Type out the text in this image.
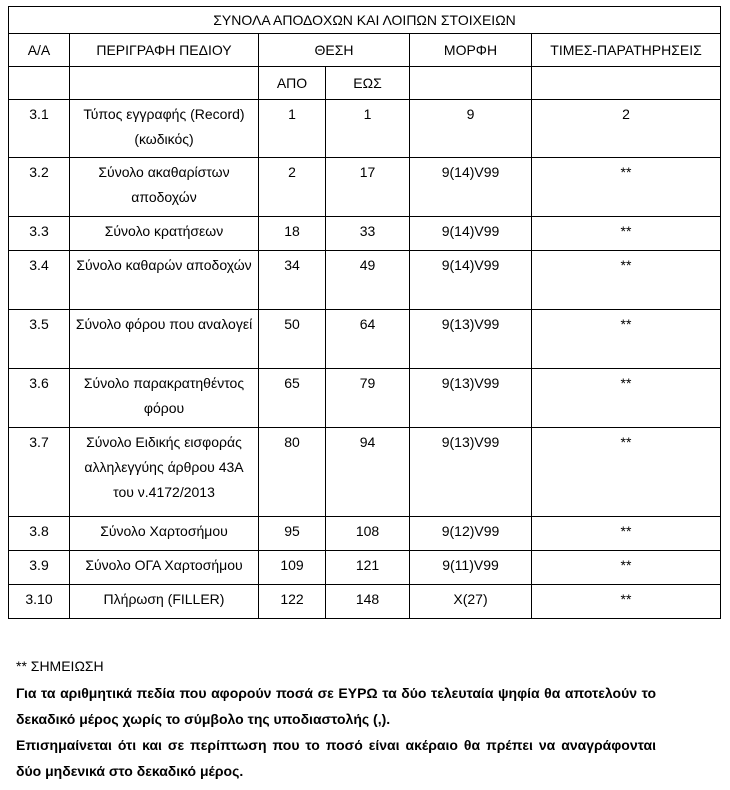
ΣΥΝΟΛΑ ΑΠΟΔΟΧΩΝ ΚΑΙ ΛΟΙΠΩΝ ΣΤΟΙΧΕΙΩΝ					
Α/Α	ΠΕΡΙΓΡΑΦΗ ΠΕΔΙΟΥ	ΘΕΣΗ		ΜΟΡΦΗ	ΤΙΜΕΣ-ΠΑΡΑΤΗΡΗΣΕΙΣ
		ΑΠΟ	ΕΩΣ		
3.1	Τύπος εγγραφής (Record) (κωδικός)	1	1	9	2
3.2	Σύνολο ακαθαρίστων αποδοχών	2	17	9(14)V99	**
3.3	Σύνολο κρατήσεων	18	33	9(14)V99	**
3.4	Σύνολο καθαρών αποδοχών	34	49	9(14)V99	**
3.5	Σύνολο φόρου που αναλογεί	50	64	9(13)V99	**
3.6	Σύνολο παρακρατηθέντος φόρου	65	79	9(13)V99	**
3.7	Σύνολο Ειδικής εισφοράς αλληλεγγύης άρθρου 43Α του ν.4172/2013	80	94	9(13)V99	**
3.8	Σύνολο Χαρτοσήμου	95	108	9(12)V99	**
3.9	Σύνολο ΟΓΑ Χαρτοσήμου	109	121	9(11)V99	**
3.10	Πλήρωση (FILLER)	122	148	X(27)	**
** ΣΗΜΕΙΩΣΗ

Για τα αριθμητικά πεδία που αφορούν ποσά σε ΕΥΡΩ τα δύο τελευταία ψηφία θα αποτελούν το δεκαδικό μέρος χωρίς το σύμβολο της υποδιαστολής (,).

Επισημαίνεται ότι και σε περίπτωση που το ποσό είναι ακέραιο θα πρέπει να αναγράφονται δύο μηδενικά στο δεκαδικό μέρος.
